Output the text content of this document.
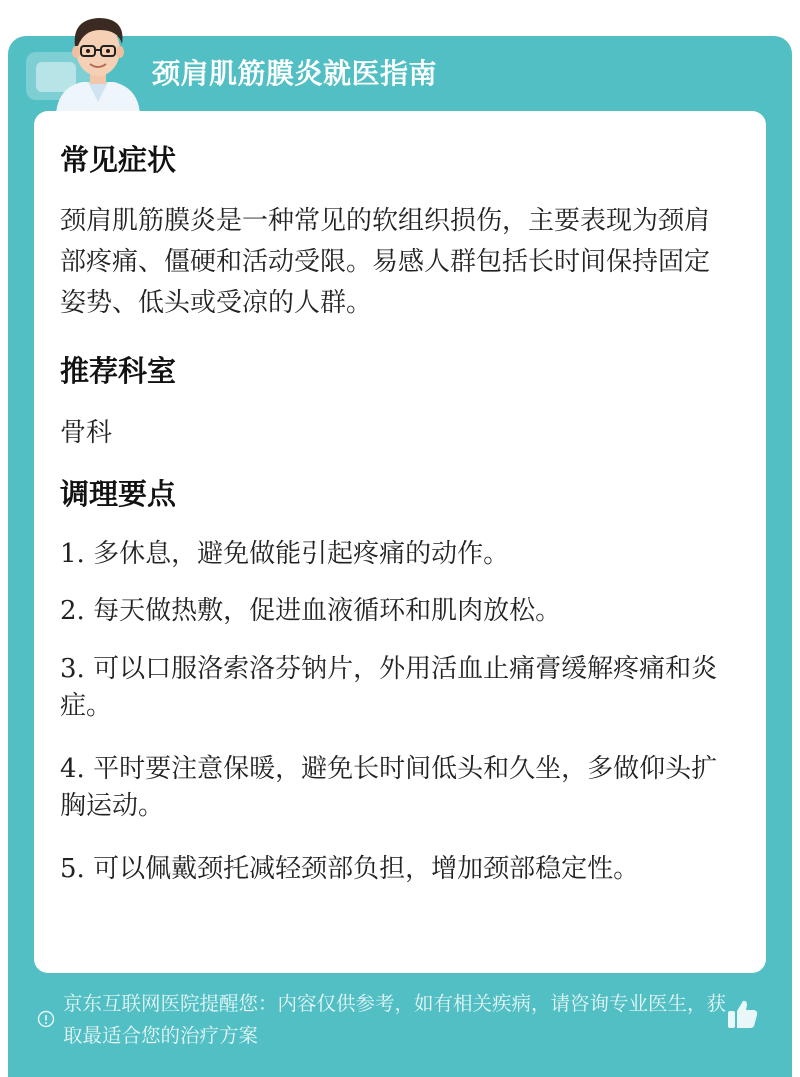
颈肩肌筋膜炎就医指南
常见症状
颈肩肌筋膜炎是一种常见的软组织损伤，主要表现为颈肩部疼痛、僵硬和活动受限。易感人群包括长时间保持固定姿势、低头或受凉的人群。
推荐科室
骨科
调理要点
1. 多休息，避免做能引起疼痛的动作。
2. 每天做热敷，促进血液循环和肌肉放松。
3. 可以口服洛索洛芬钠片，外用活血止痛膏缓解疼痛和炎症。
4. 平时要注意保暖，避免长时间低头和久坐，多做仰头扩胸运动。
5. 可以佩戴颈托减轻颈部负担，增加颈部稳定性。
京东互联网医院提醒您：内容仅供参考，如有相关疾病，请咨询专业医生，获取最适合您的治疗方案
